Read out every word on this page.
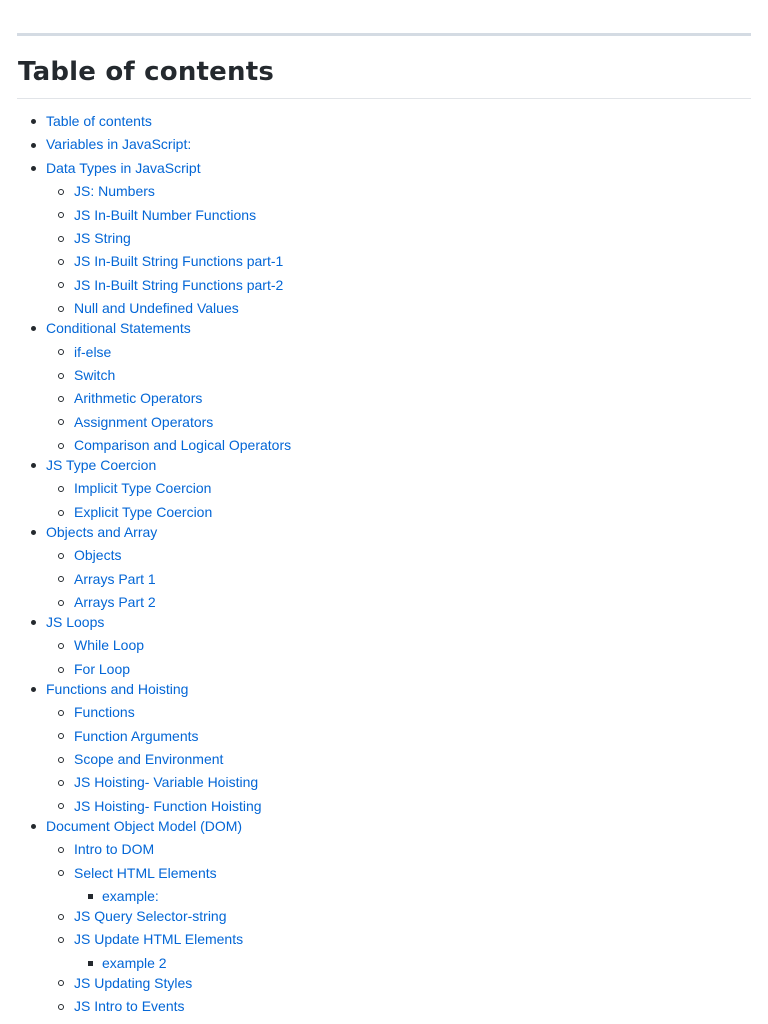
Table of contents
Table of contents
Variables in JavaScript:
Data Types in JavaScript
JS: Numbers
JS In-Built Number Functions
JS String
JS In-Built String Functions part-1
JS In-Built String Functions part-2
Null and Undefined Values
Conditional Statements
if-else
Switch
Arithmetic Operators
Assignment Operators
Comparison and Logical Operators
JS Type Coercion
Implicit Type Coercion
Explicit Type Coercion
Objects and Array
Objects
Arrays Part 1
Arrays Part 2
JS Loops
While Loop
For Loop
Functions and Hoisting
Functions
Function Arguments
Scope and Environment
JS Hoisting- Variable Hoisting
JS Hoisting- Function Hoisting
Document Object Model (DOM)
Intro to DOM
Select HTML Elements
example:
JS Query Selector-string
JS Update HTML Elements
example 2
JS Updating Styles
JS Intro to Events
